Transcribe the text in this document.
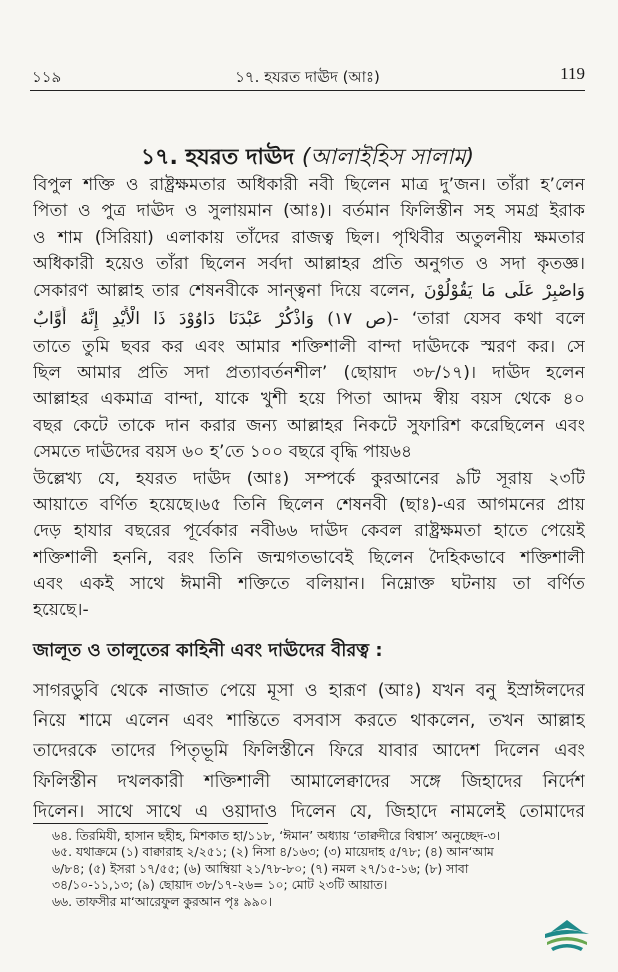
১১৯	১৭. হযরত দাঊদ (আঃ)	119
১৭. হযরত দাঊদ (আলাইহিস সালাম)
বিপুল শক্তি ও রাষ্ট্রক্ষমতার অধিকারী নবী ছিলেন মাত্র দু’জন। তাঁরা হ’লেন
পিতা ও পুত্র দাঊদ ও সুলায়মান (আঃ)। বর্তমান ফিলিস্তীন সহ সমগ্র ইরাক
ও শাম (সিরিয়া) এলাকায় তাঁদের রাজত্ব ছিল। পৃথিবীর অতুলনীয় ক্ষমতার
অধিকারী হয়েও তাঁরা ছিলেন সর্বদা আল্লাহর প্রতি অনুগত ও সদা কৃতজ্ঞ।
সেকারণ আল্লাহ তার শেষনবীকে সান্ত্বনা দিয়ে বলেন, وَاصْبِرْ عَلَى مَا يَقُوْلُوْنَ
-(ص ١٧) وَاذْكُرْ عَبْدَنَا دَاوُوْدَ ذَا الْأَيْدِ إِنَّهُ أَوَّابٌ	‘তারা যেসব কথা বলে
তাতে তুমি ছবর কর এবং আমার শক্তিশালী বান্দা দাঊদকে স্মরণ কর। সে
ছিল আমার প্রতি সদা প্রত্যাবর্তনশীল’ (ছোয়াদ ৩৮/১৭)। দাঊদ হলেন
আল্লাহর একমাত্র বান্দা, যাকে খুশী হয়ে পিতা আদম স্বীয় বয়স থেকে ৪০
বছর কেটে তাকে দান করার জন্য আল্লাহর নিকটে সুফারিশ করেছিলেন এবং
সেমতে দাঊদের বয়স ৬০ হ’তে ১০০ বছরে বৃদ্ধি পায়৬৪
উল্লেখ্য যে, হযরত দাঊদ (আঃ) সম্পর্কে কুরআনের ৯টি সূরায় ২৩টি
আয়াতে বর্ণিত হয়েছে।৬৫ তিনি ছিলেন শেষনবী (ছাঃ)-এর আগমনের প্রায়
দেড় হাযার বছরের পূর্বেকার নবী৬৬ দাঊদ কেবল রাষ্ট্রক্ষমতা হাতে পেয়েই
শক্তিশালী হননি, বরং তিনি জন্মগতভাবেই ছিলেন দৈহিকভাবে শক্তিশালী
এবং একই সাথে ঈমানী শক্তিতে বলিয়ান। নিম্নোক্ত ঘটনায় তা বর্ণিত
হয়েছে।-
জালূত ও তালূতের কাহিনী এবং দাঊদের বীরত্ব :
সাগরডুবি থেকে নাজাত পেয়ে মূসা ও হারূণ (আঃ) যখন বনু ইস্রাঈলদের
নিয়ে শামে এলেন এবং শান্তিতে বসবাস করতে থাকলেন, তখন আল্লাহ
তাদেরকে তাদের পিতৃভূমি ফিলিস্তীনে ফিরে যাবার আদেশ দিলেন এবং
ফিলিস্তীন দখলকারী শক্তিশালী আমালেক্বাদের সঙ্গে জিহাদের নির্দেশ
দিলেন। সাথে সাথে এ ওয়াদাও দিলেন যে, জিহাদে নামলেই তোমাদের
৬৪. তিরমিযী, হাসান ছহীহ, মিশকাত হা/১১৮, ‘ঈমান’ অধ্যায় ‘তাক্বদীরে বিশ্বাস’ অনুচ্ছেদ-৩।
৬৫. যথাক্রমে (১) বাক্বারাহ ২/২৫১; (২) নিসা ৪/১৬৩; (৩) মায়েদাহ ৫/৭৮; (৪) আন‘আম
৬/৮৪; (৫) ইসরা ১৭/৫৫; (৬) আম্বিয়া ২১/৭৮-৮০; (৭) নমল ২৭/১৫-১৬; (৮) সাবা
৩৪/১০-১১,১৩; (৯) ছোয়াদ ৩৮/১৭-২৬= ১০; মোট ২৩টি আয়াত।
৬৬. তাফসীর মা‘আরেফুল কুরআন পৃঃ ৯৯০।
